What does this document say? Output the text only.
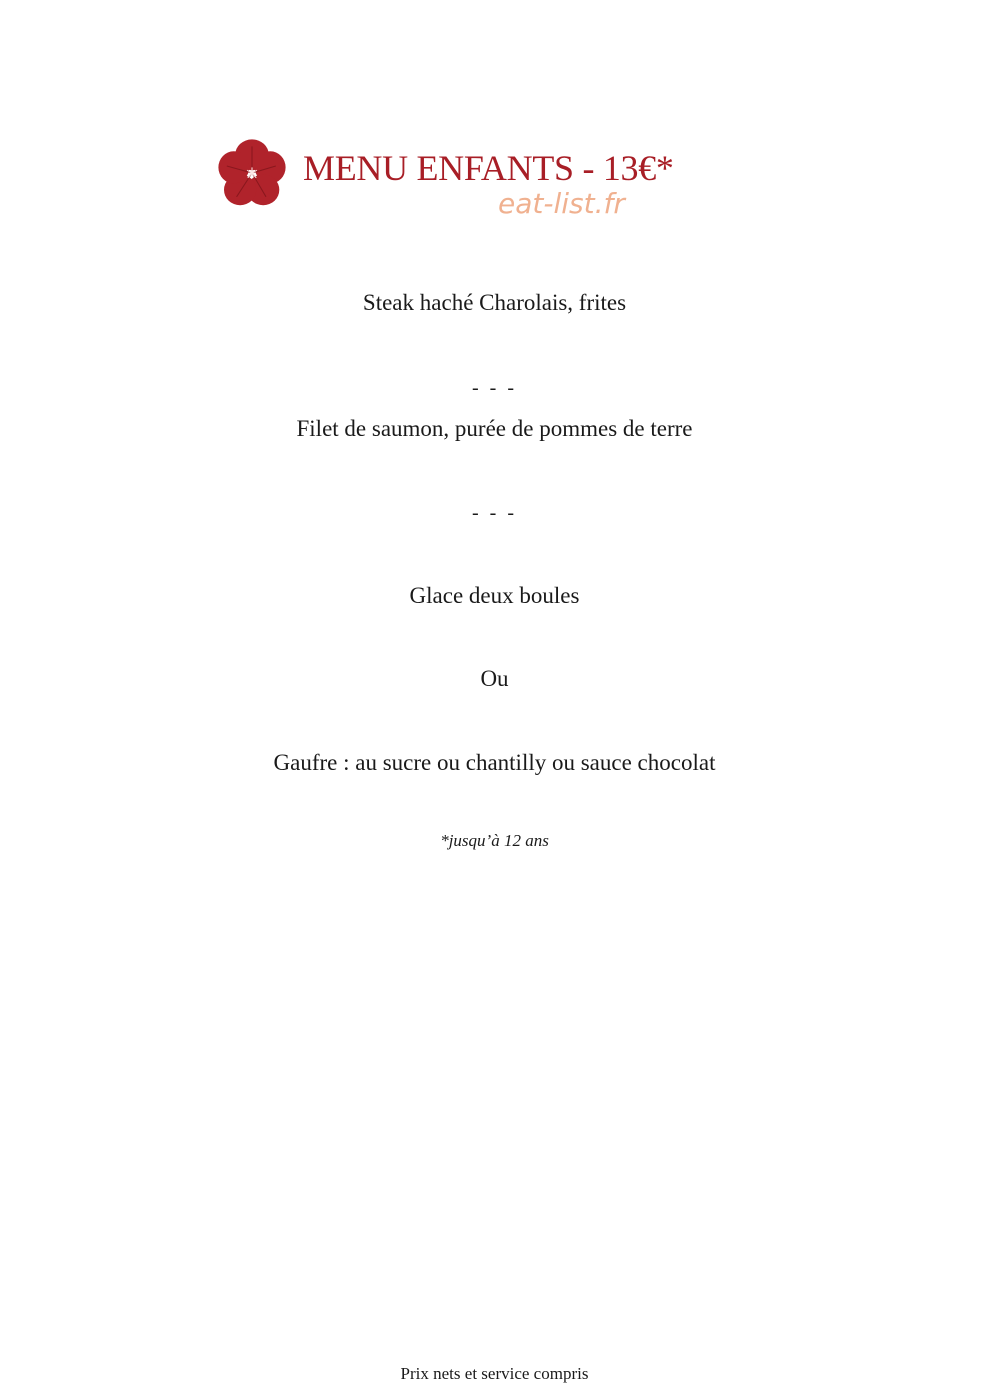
MENU ENFANTS - 13€*
eat-list.fr
Steak haché Charolais, frites
- - -
Filet de saumon, purée de pommes de terre
- - -
Glace deux boules
Ou
Gaufre : au sucre ou chantilly ou sauce chocolat
*jusqu’à 12 ans
Prix nets et service compris
